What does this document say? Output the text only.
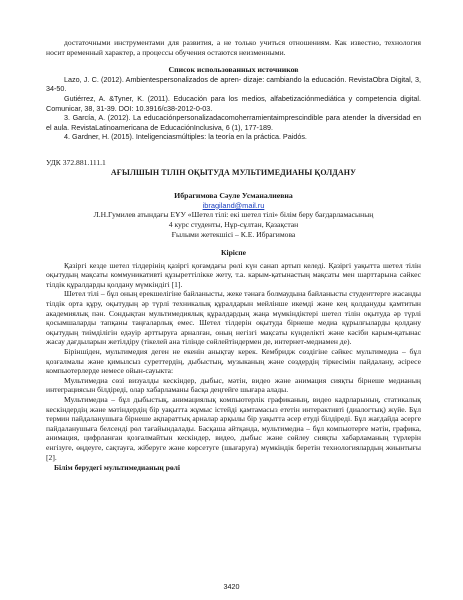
достаточными инструментами для развития, а не только учиться отношениям. Как известно, технология носит временный характер, а процессы обучения остаются неизменными.

Список использованных источников

Lazo, J. C. (2012). Ambientespersonalizados de apren- dizaje: cambiando la educación. RevistaObra Digital, 3, 34-50.

Gutiérrez, A. &Tyner, K. (2011). Educación para los medios, alfabetizaciónmediática y competencia digital. Comunicar, 38, 31-39. DOI: 10.3916/c38-2012-0-03.

3. García, A. (2012). La educaciónpersonalizadacomoherramientaimprescindible para atender la diversidad en el aula. RevistaLatinoamericana de EducaciónInclusiva, 6 (1), 177-189.

4. Gardner, H. (2015). Inteligenciasmúltiples: la teoría en la práctica. Paidós.

УДК 372.881.111.1

АҒЫЛШЫН ТІЛІН ОҚЫТУДА МУЛЬТИМЕДИАНЫ ҚОЛДАНУ

Ибрагимова Сәуле Усманалиевна

ibragiland@mail.ru

Л.Н.Гумилев атындағы ЕҰУ «Шетел тілі: екі шетел тілі» білім беру бағдарламасының

4 курс студенты, Нұр-сұлтан, Қазақстан

Ғылыми жетекшісі – К.Е. Ибрагимова

Кіріспе

Қазіргі кезде шетел тілдерінің қазіргі қоғамдағы рөлі күн санап артып келеді. Қазіргі уақытта шетел тілін оқытудың мақсаты коммуникативті құзыреттілікке жету, т.а. карым-қатынастың мақсаты мен шарттарына сәйкес тілдік құралдарды қолдану мүмкіндігі [1].

Шетел тілі – бұл оның ерекшелігіне байланысты, жеке тәнаға болмаудына байланысты студенттерге жасанды тілдік орта құру, оқытудың әр түрлі техникалық құралдарын мейлінше икемді және кең қолдануды қамтитын академиялық пән. Сондықтан мультимедиялық құралдардың жаңа мүмкіндіктері шетел тілін оқытуда әр түрлі қосымшаларды тапқаны таңғаларлық емес. Шетел тілдерін оқытуда бірнеше медиа құрылғыларды қолдану оқытудың тиімділігін едәуір арттыруға арналған, оның негізгі мақсаты күнделікті және кәсіби карым-қатынас жасау дағдыларын жетілдіру (тікелей ана тілінде сөйлейтіндермен де, интернет-медиамен де).

Біріншіден, мультимедия деген не екенін анықтау керек. Кембридж сөздігіне сәйкес мультимедиа – бұл қозғалмалы және қимылсыз суреттердің, дыбыстың, музыканың және сөздердің тіркесімін пайдалану, әсіресе компьютерлерде немесе ойын-сауыкта:

Мультимедиа сөзі визуалды кескіндер, дыбыс, мәтін, видео және анимация сияқты бірнеше медианың интеграциясын білдіреді, олар хабарламаны басқа деңгейге шығара алады.

Мультимедиа – бұл дыбыстық, анимациялық компьютерлік графиканың, видео кадрларының, статикалық кескіндердің және мәтіндердің бір уақытта жұмыс істейді қамтамасыз ететін интерактивті (диалогтық) жүйе. Бұл термин пайдаланушыға бірнеше ақпараттық арналар арқылы бір уақытта әсер етуді білдіреді. Бұл жағдайда әсерге пайдаланушыға белсенді рөл тағайындалады. Басқаша айтқанда, мультимедиа – бұл компьютерге мәтін, графика, анимация, цифрланған қозғалмайтын кескіндер, видео, дыбыс және сөйлеу сияқты хабарламаның түрлерін енгізуге, өңдеуге, сақтауға, жіберуге және көрсетуге (шығаруға) мүмкіндік беретін технологиялардың жиынтығы [2].

Білім берудегі мультимедианың рөлі

3420
